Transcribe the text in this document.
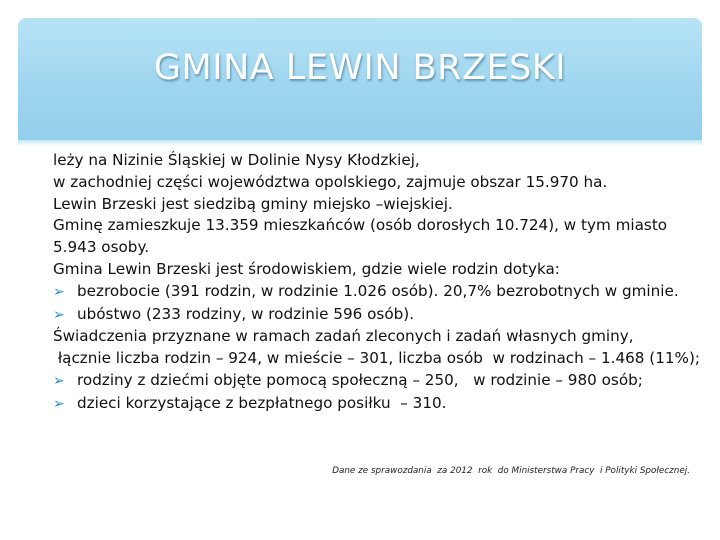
GMINA LEWIN BRZESKI
leży na Nizinie Śląskiej w Dolinie Nysy Kłodzkiej,
w zachodniej części województwa opolskiego, zajmuje obszar 15.970 ha.
Lewin Brzeski jest siedzibą gminy miejsko –wiejskiej.
Gminę zamieszkuje 13.359 mieszkańców (osób dorosłych 10.724), w tym miasto 5.943 osoby.
Gmina Lewin Brzeski jest środowiskiem, gdzie wiele rodzin dotyka:
➢ bezrobocie (391 rodzin, w rodzinie 1.026 osób). 20,7% bezrobotnych w gminie.
➢ ubóstwo (233 rodziny, w rodzinie 596 osób).
Świadczenia przyznane w ramach zadań zleconych i zadań własnych gminy,
łącznie liczba rodzin – 924, w mieście – 301, liczba osób  w rodzinach – 1.468 (11%);
➢ rodziny z dziećmi objęte pomocą społeczną – 250,   w rodzinie – 980 osób;
➢ dzieci korzystające z bezpłatnego posiłku  – 310.
Dane ze sprawozdania  za 2012  rok  do Ministerstwa Pracy  i Polityki Społecznej.
